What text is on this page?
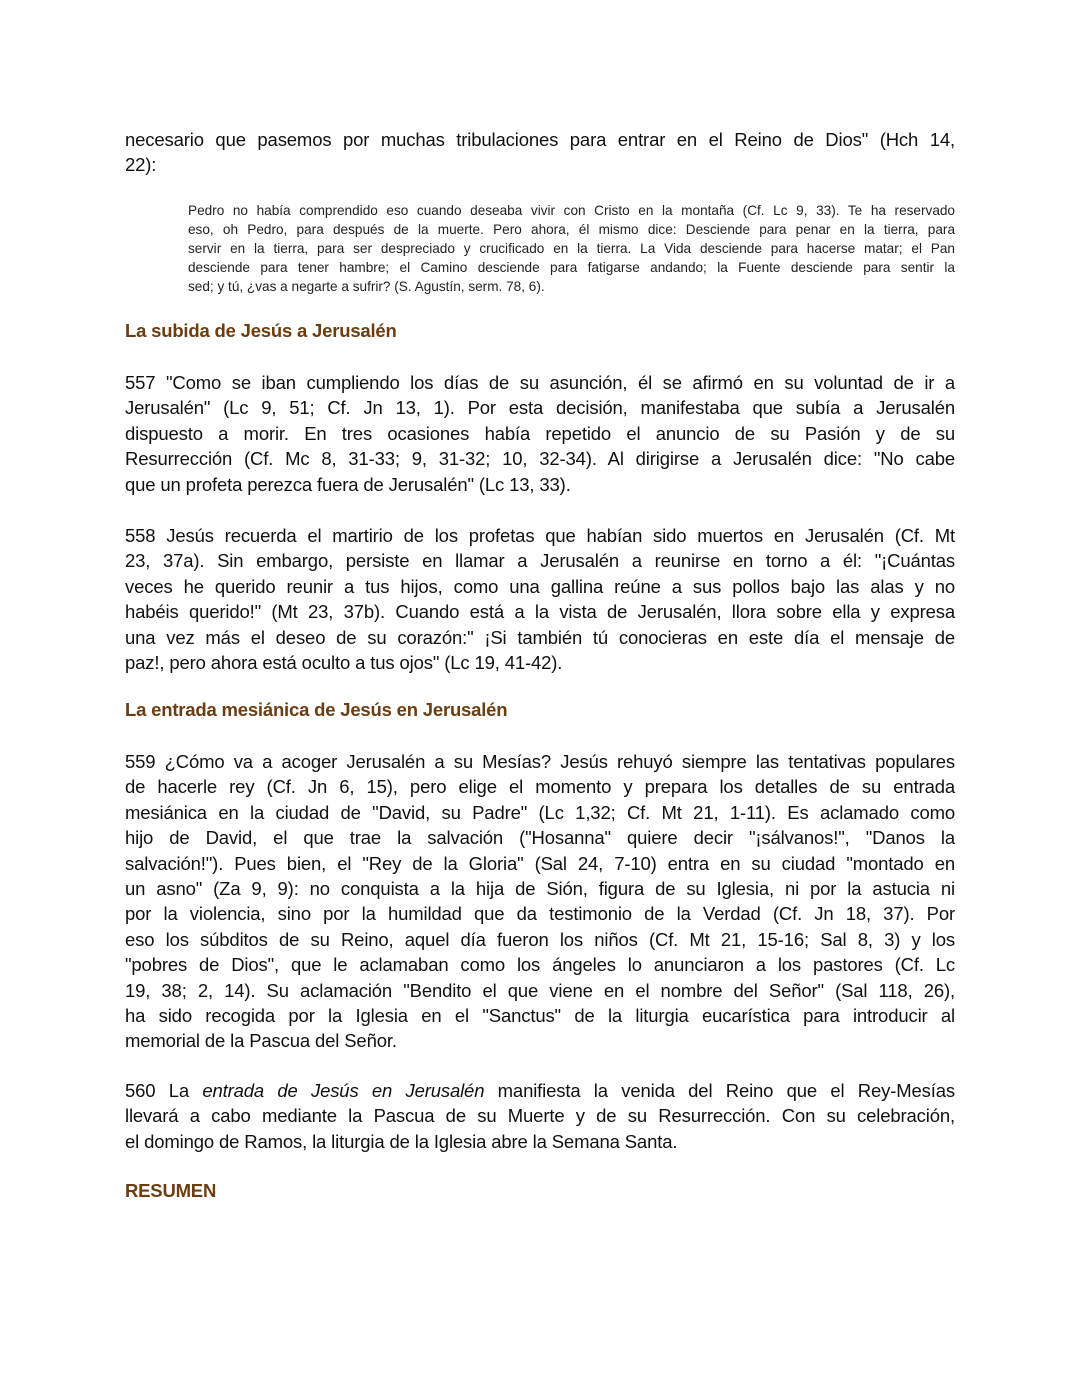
necesario que pasemos por muchas tribulaciones para entrar en el Reino de Dios" (Hch 14,
22):
Pedro no había comprendido eso cuando deseaba vivir con Cristo en la montaña (Cf. Lc 9, 33). Te ha reservado
eso, oh Pedro, para después de la muerte. Pero ahora, él mismo dice: Desciende para penar en la tierra, para
servir en la tierra, para ser despreciado y crucificado en la tierra. La Vida desciende para hacerse matar; el Pan
desciende para tener hambre; el Camino desciende para fatigarse andando; la Fuente desciende para sentir la
sed; y tú, ¿vas a negarte a sufrir? (S. Agustín, serm. 78, 6).
La subida de Jesús a Jerusalén
557 "Como se iban cumpliendo los días de su asunción, él se afirmó en su voluntad de ir a
Jerusalén" (Lc 9, 51; Cf. Jn 13, 1). Por esta decisión, manifestaba que subía a Jerusalén
dispuesto a morir. En tres ocasiones había repetido el anuncio de su Pasión y de su
Resurrección (Cf. Mc 8, 31-33; 9, 31-32; 10, 32-34). Al dirigirse a Jerusalén dice: "No cabe
que un profeta perezca fuera de Jerusalén" (Lc 13, 33).
558 Jesús recuerda el martirio de los profetas que habían sido muertos en Jerusalén (Cf. Mt
23, 37a). Sin embargo, persiste en llamar a Jerusalén a reunirse en torno a él: "¡Cuántas
veces he querido reunir a tus hijos, como una gallina reúne a sus pollos bajo las alas y no
habéis querido!" (Mt 23, 37b). Cuando está a la vista de Jerusalén, llora sobre ella y expresa
una vez más el deseo de su corazón:" ¡Si también tú conocieras en este día el mensaje de
paz!, pero ahora está oculto a tus ojos" (Lc 19, 41-42).
La entrada mesiánica de Jesús en Jerusalén
559 ¿Cómo va a acoger Jerusalén a su Mesías? Jesús rehuyó siempre las tentativas populares
de hacerle rey (Cf. Jn 6, 15), pero elige el momento y prepara los detalles de su entrada
mesiánica en la ciudad de "David, su Padre" (Lc 1,32; Cf. Mt 21, 1-11). Es aclamado como
hijo de David, el que trae la salvación ("Hosanna" quiere decir "¡sálvanos!", "Danos la
salvación!"). Pues bien, el "Rey de la Gloria" (Sal 24, 7-10) entra en su ciudad "montado en
un asno" (Za 9, 9): no conquista a la hija de Sión, figura de su Iglesia, ni por la astucia ni
por la violencia, sino por la humildad que da testimonio de la Verdad (Cf. Jn 18, 37). Por
eso los súbditos de su Reino, aquel día fueron los niños (Cf. Mt 21, 15-16; Sal 8, 3) y los
"pobres de Dios", que le aclamaban como los ángeles lo anunciaron a los pastores (Cf. Lc
19, 38; 2, 14). Su aclamación "Bendito el que viene en el nombre del Señor" (Sal 118, 26),
ha sido recogida por la Iglesia en el "Sanctus" de la liturgia eucarística para introducir al
memorial de la Pascua del Señor.
560 La entrada de Jesús en Jerusalén manifiesta la venida del Reino que el Rey-Mesías
llevará a cabo mediante la Pascua de su Muerte y de su Resurrección. Con su celebración,
el domingo de Ramos, la liturgia de la Iglesia abre la Semana Santa.
RESUMEN
